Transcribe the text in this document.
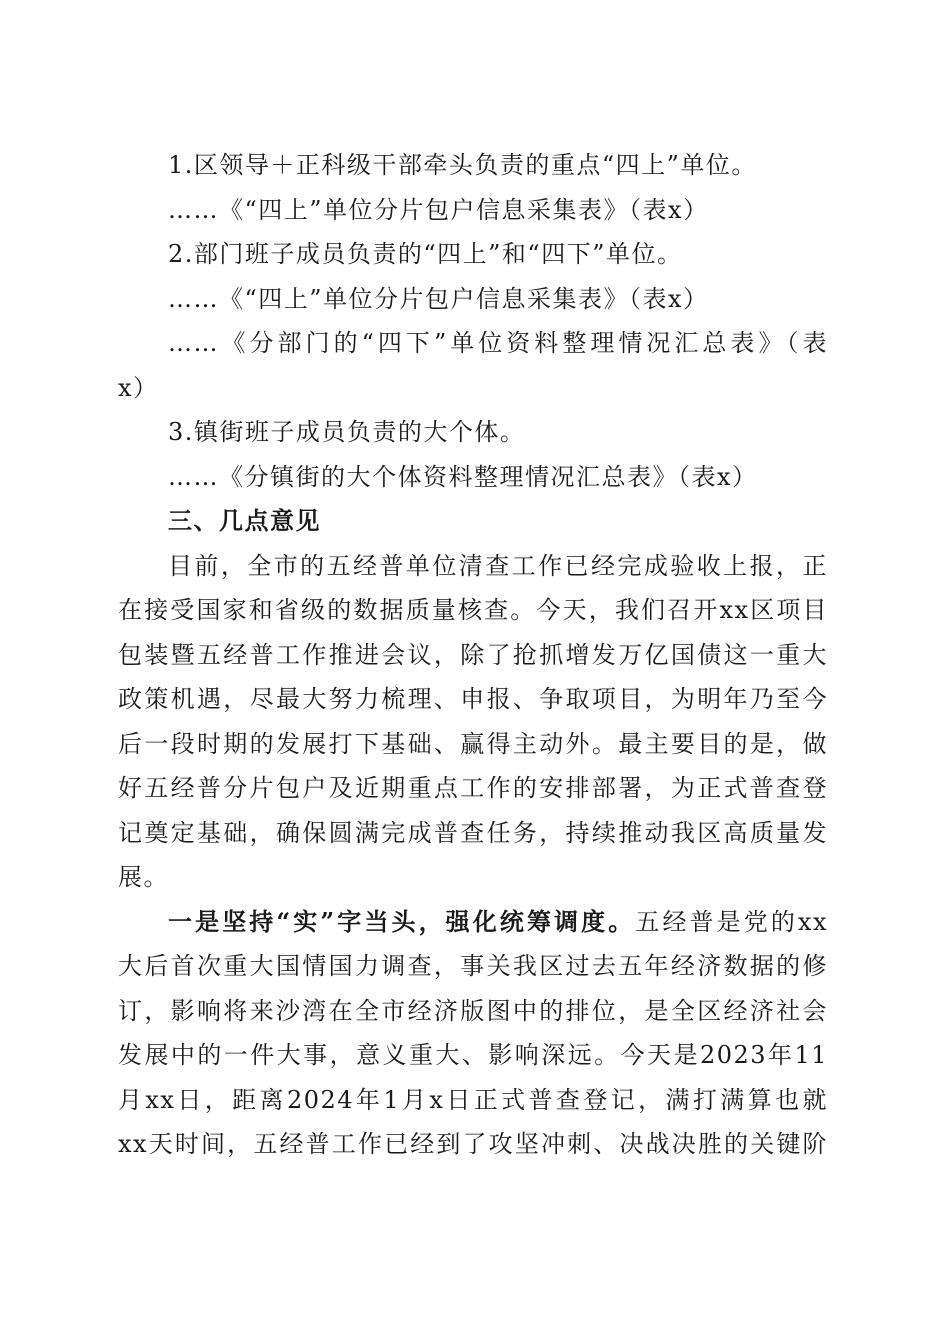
1.区领导＋正科级干部牵头负责的重点“四上”单位。
……《“四上”单位分片包户信息采集表》（表x）
2.部门班子成员负责的“四上”和“四下”单位。
……《“四上”单位分片包户信息采集表》（表x）
……《分部门的“四下”单位资料整理情况汇总表》（表
x）
3.镇街班子成员负责的大个体。
……《分镇街的大个体资料整理情况汇总表》（表x）
三、几点意见
目前，全市的五经普单位清查工作已经完成验收上报，正
在接受国家和省级的数据质量核查。今天，我们召开xx区项目
包装暨五经普工作推进会议，除了抢抓增发万亿国债这一重大
政策机遇，尽最大努力梳理、申报、争取项目，为明年乃至今
后一段时期的发展打下基础、赢得主动外。最主要目的是，做
好五经普分片包户及近期重点工作的安排部署，为正式普查登
记奠定基础，确保圆满完成普查任务，持续推动我区高质量发
展。
一是坚持“实”字当头，强化统筹调度。五经普是党的xx
大后首次重大国情国力调查，事关我区过去五年经济数据的修
订，影响将来沙湾在全市经济版图中的排位，是全区经济社会
发展中的一件大事，意义重大、影响深远。今天是2023年11
月xx日，距离2024年1月x日正式普查登记，满打满算也就
xx天时间，五经普工作已经到了攻坚冲刺、决战决胜的关键阶
